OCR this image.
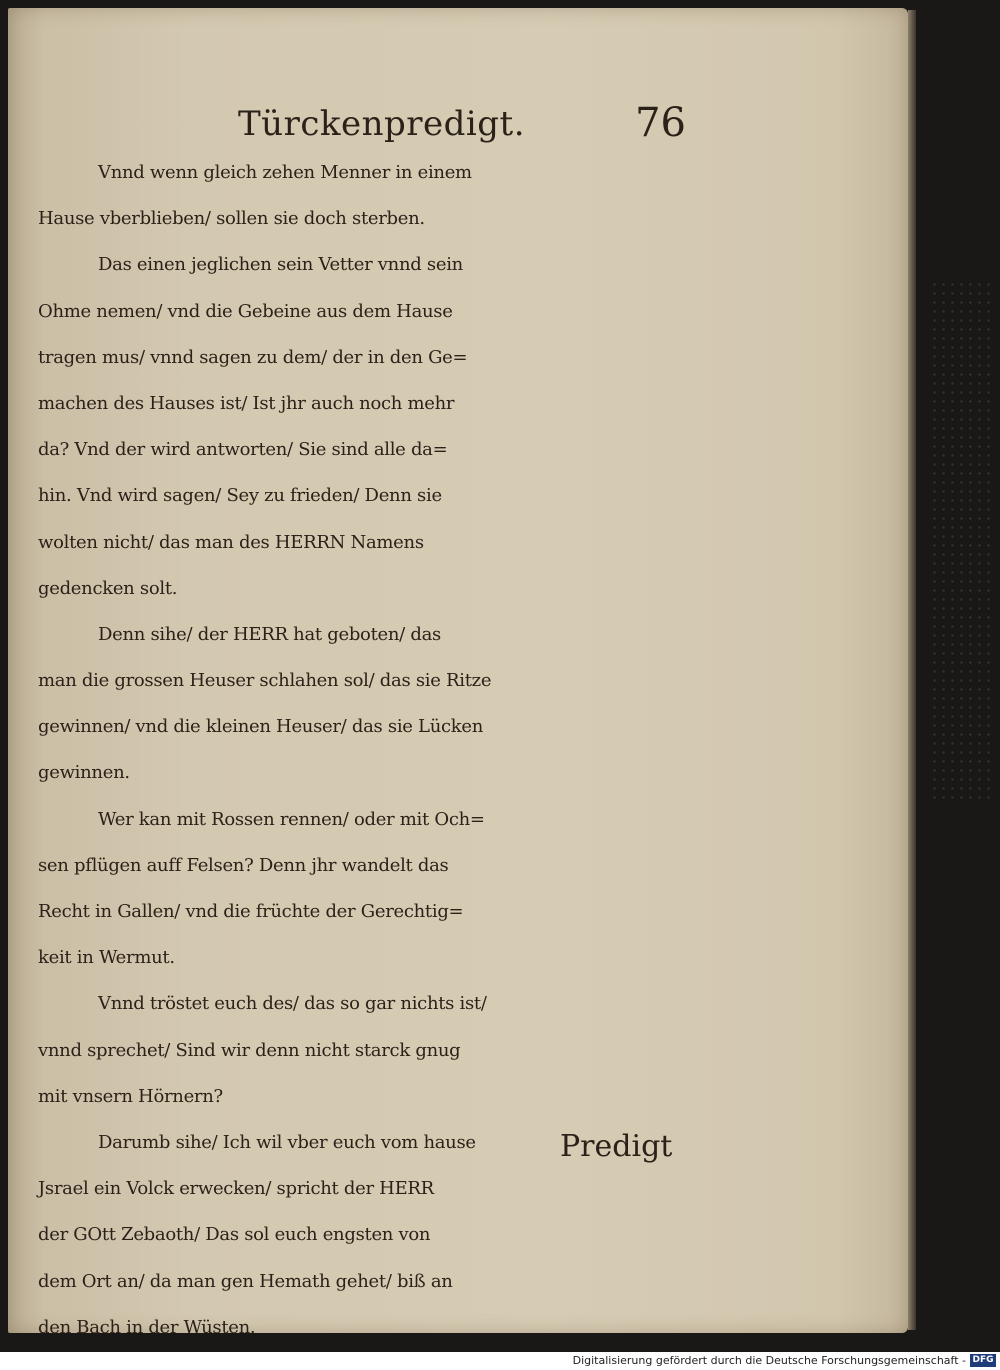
Türckenpredigt.	76
Vnnd wenn gleich zehen Menner in einem
Hause vberblieben/ sollen sie doch sterben.
Das einen jeglichen sein Vetter vnnd sein
Ohme nemen/ vnd die Gebeine aus dem Hause
tragen mus/ vnnd sagen zu dem/ der in den Ge=
machen des Hauses ist/ Ist jhr auch noch mehr
da? Vnd der wird antworten/ Sie sind alle da=
hin. Vnd wird sagen/ Sey zu frieden/ Denn sie
wolten nicht/ das man des HERRN Namens
gedencken solt.
Denn sihe/ der HERR hat geboten/ das
man die grossen Heuser schlahen sol/ das sie Ritze
gewinnen/ vnd die kleinen Heuser/ das sie Lücken
gewinnen.
Wer kan mit Rossen rennen/ oder mit Och=
sen pflügen auff Felsen? Denn jhr wandelt das
Recht in Gallen/ vnd die früchte der Gerechtig=
keit in Wermut.
Vnnd tröstet euch des/ das so gar nichts ist/
vnnd sprechet/ Sind wir denn nicht starck gnug
mit vnsern Hörnern?
Darumb sihe/ Ich wil vber euch vom hause
Jsrael ein Volck erwecken/ spricht der HERR
der GOtt Zebaoth/ Das sol euch engsten von
dem Ort an/ da man gen Hemath gehet/ biß an
den Bach in der Wüsten.
Predigt
Digitalisierung gefördert durch die Deutsche Forschungsgemeinschaft - DFG
